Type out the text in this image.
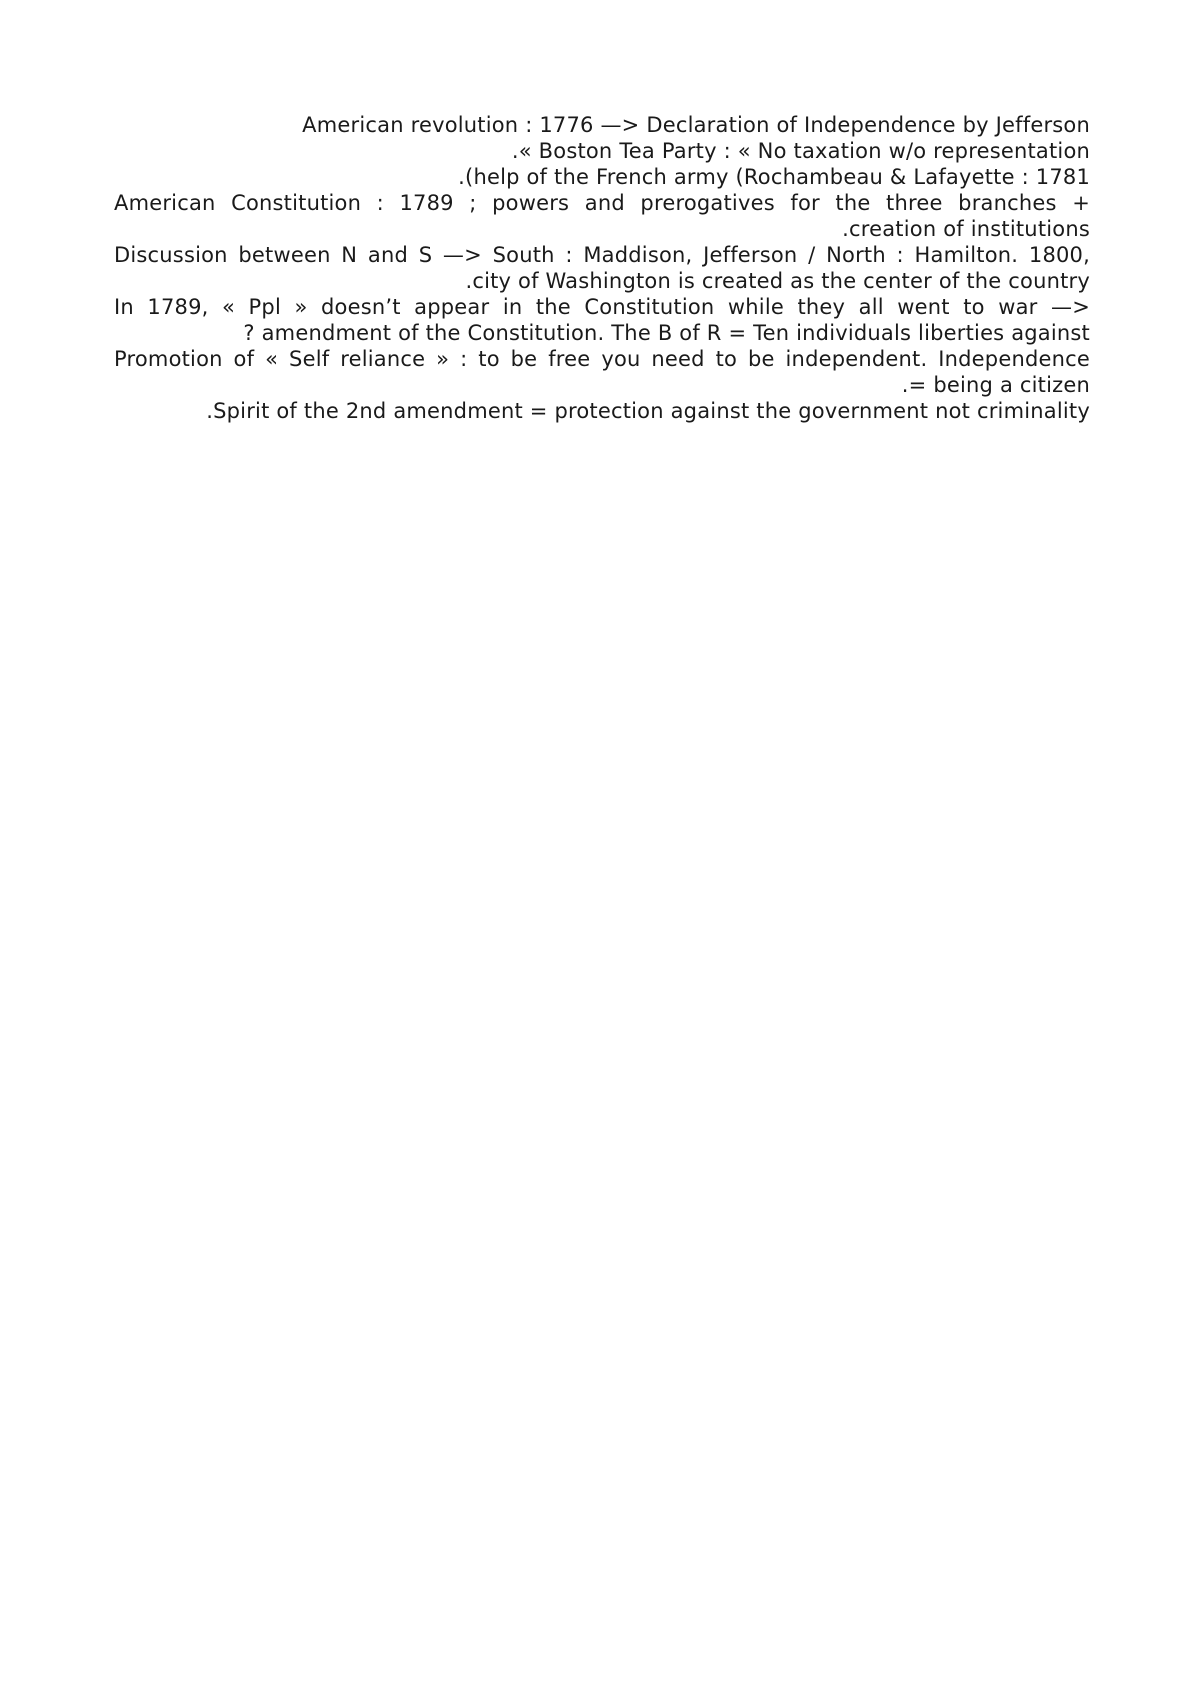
American revolution : 1776 —> Declaration of Independence by Jefferson
.« Boston Tea Party : « No taxation w/o representation
.(help of the French army (Rochambeau & Lafayette : 1781
American Constitution : 1789 ; powers and prerogatives for the three branches +
.creation of institutions
Discussion between N and S —> South : Maddison, Jefferson / North : Hamilton. 1800,
.city of Washington is created as the center of the country
In 1789, « Ppl » doesn’t appear in the Constitution while they all went to war —>
? amendment of the Constitution. The B of R = Ten individuals liberties against
Promotion of « Self reliance » : to be free you need to be independent. Independence
.= being a citizen
.Spirit of the 2nd amendment = protection against the government not criminality
